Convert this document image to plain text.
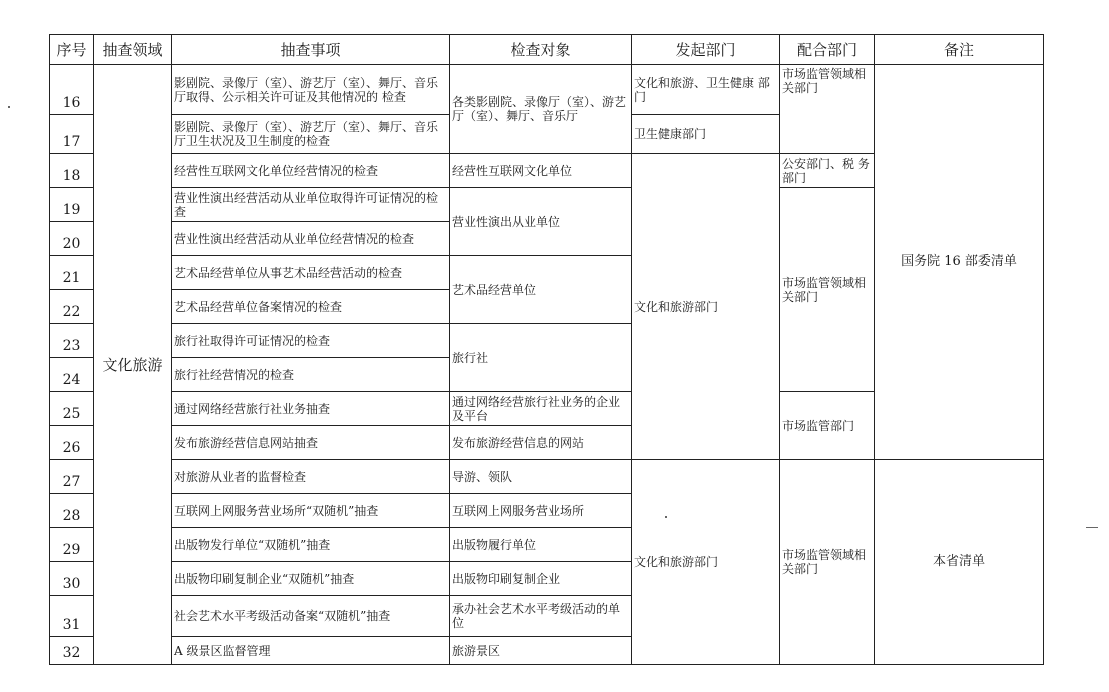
序号	抽查领域	抽查事项	检查对象	发起部门	配合部门	备注
16	文化旅游	影剧院、录像厅（室）、游艺厅（室）、舞厅、音乐厅取得、公示相关许可证及其他情况的 检查	各类影剧院、录像厅（室）、游艺厅（室）、舞厅、音乐厅	文化和旅游、卫生健康 部门	市场监管领域相关部门	国务院 16 部委清单
17		影剧院、录像厅（室）、游艺厅（室）、舞厅、音乐厅卫生状况及卫生制度的检查		卫生健康部门		
18		经营性互联网文化单位经营情况的检查	经营性互联网文化单位	文化和旅游部门	公安部门、税 务部门	
19		营业性演出经营活动从业单位取得许可证情况的检查	营业性演出从业单位		市场监管领域相关部门	
20		营业性演出经营活动从业单位经营情况的检查				
21		艺术品经营单位从事艺术品经营活动的检查	艺术品经营单位			
22		艺术品经营单位备案情况的检查				
23		旅行社取得许可证情况的检查	旅行社			
24		旅行社经营情况的检查				
25		通过网络经营旅行社业务抽查	通过网络经营旅行社业务的企业及平台		市场监管部门	
26		发布旅游经营信息网站抽查	发布旅游经营信息的网站			
27		对旅游从业者的监督检查	导游、领队	文化和旅游部门	市场监管领域相关部门	本省清单
28		互联网上网服务营业场所“双随机”抽查	互联网上网服务营业场所			
29		出版物发行单位“双随机”抽查	出版物履行单位			
30		出版物印刷复制企业“双随机”抽查	出版物印刷复制企业			
31		社会艺术水平考级活动备案“双随机”抽查	承办社会艺术水平考级活动的单位			
32		A 级景区监督管理	旅游景区			
